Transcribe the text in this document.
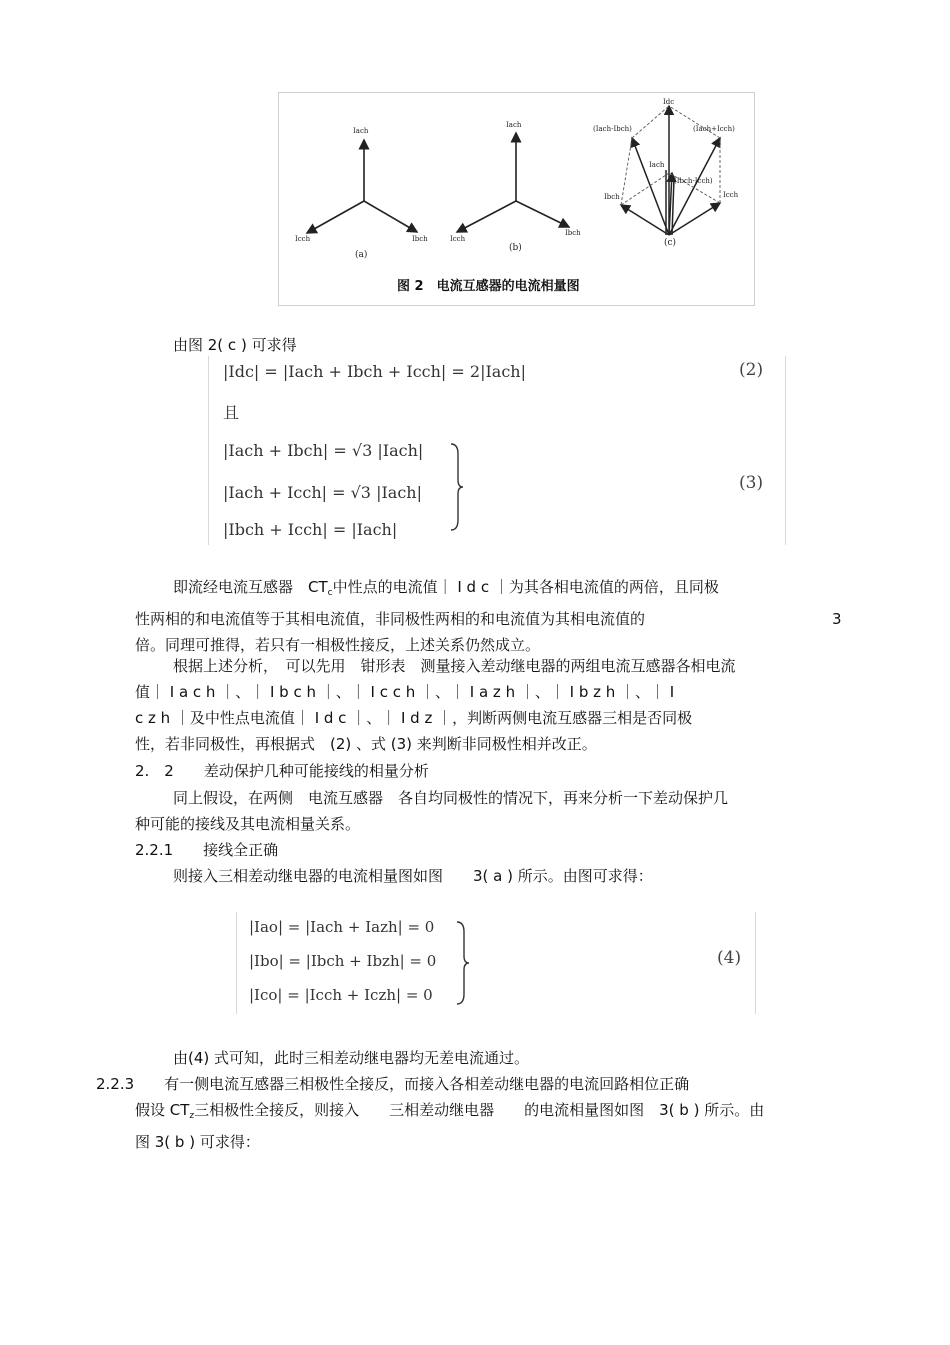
Iach
Icch	Ibch
Iach
Icch
Ibch
Idc
(Iach-Ibch)	(Iach+Icch)
Iach
(Ibch-Icch)
Ibch	Icch
(a)
(b)	(c)
图 2　电流互感器的电流相量图
由图 2( c ) 可求得
|Idc| = |Iach + Ibch + Icch| = 2|Iach|	(2)
且
|Iach + Ibch| = √3 |Iach|
|Iach + Icch| = √3 |Iach|
|Ibch + Icch| = |Iach|
(3)
即流经电流互感器　$CT_c$中性点的电流值｜ I d c ｜为其各相电流值的两倍，且同极
性两相的和电流值等于其相电流值，非同极性两相的和电流值为其相电流值的	3
倍。同理可推得，若只有一相极性接反，上述关系仍然成立。
根据上述分析，　可以先用　钳形表　测量接入差动继电器的两组电流互感器各相电流
值｜ I a c h ｜、｜ I b c h ｜、｜ I c c h ｜、｜ I a z h ｜、｜ I b z h ｜、｜ I
c z h ｜及中性点电流值｜ I d c ｜、｜ I d z ｜，判断两侧电流互感器三相是否同极
性，若非同极性，再根据式　(2) 、式 (3) 来判断非同极性相并改正。
2.　2　　差动保护几种可能接线的相量分析
同上假设，在两侧　电流互感器　各自均同极性的情况下，再来分析一下差动保护几
种可能的接线及其电流相量关系。
2.2.1　　接线全正确
则接入三相差动继电器的电流相量图如图　　3( a ) 所示。由图可求得：
|Iao| = |Iach + Iazh| = 0
|Ibo| = |Ibch + Ibzh| = 0
|Ico| = |Icch + Iczh| = 0
(4)
由(4) 式可知，此时三相差动继电器均无差电流通过。
2.2.3　　有一侧电流互感器三相极性全接反，而接入各相差动继电器的电流回路相位正确
假设 $CT_z$三相极性全接反，则接入　　三相差动继电器　　的电流相量图如图　3( b ) 所示。由
图 3( b ) 可求得：
